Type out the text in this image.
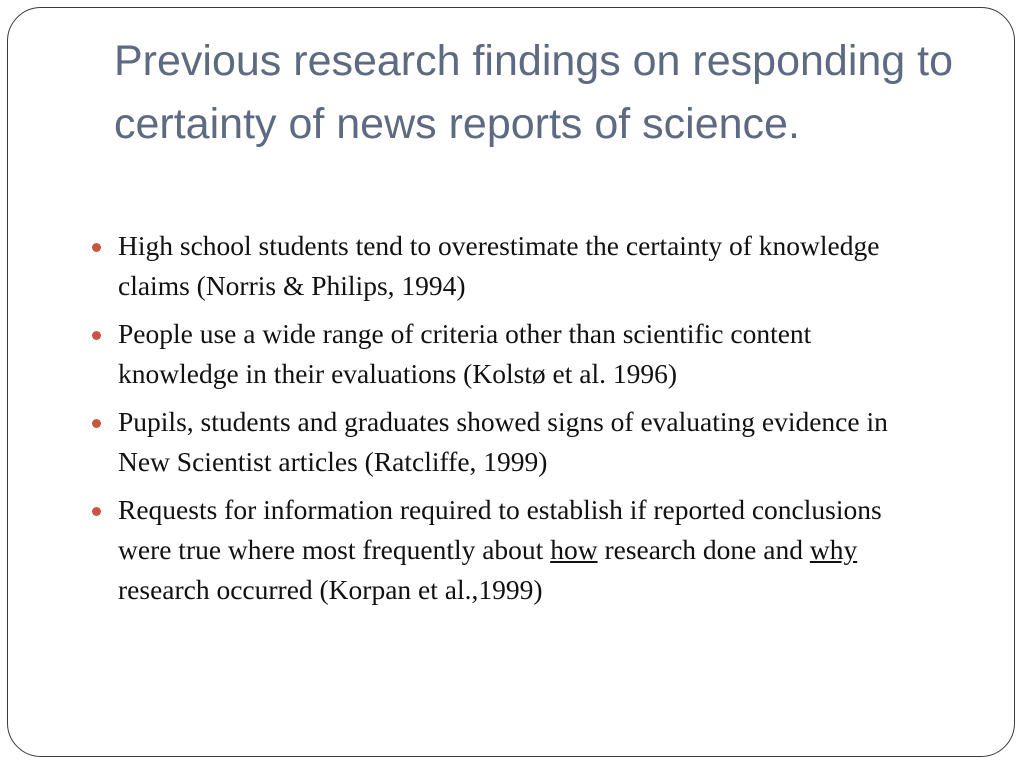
Previous research findings on responding to certainty of news reports of science.
High school students tend to overestimate the certainty of knowledge claims (Norris & Philips, 1994)
People use a wide range of criteria other than scientific content knowledge in their evaluations (Kolstø et al. 1996)
Pupils, students and graduates showed signs of evaluating evidence in New Scientist articles (Ratcliffe, 1999)
Requests for information required to establish if reported conclusions were true where most frequently about how research done and why research occurred (Korpan et al.,1999)
